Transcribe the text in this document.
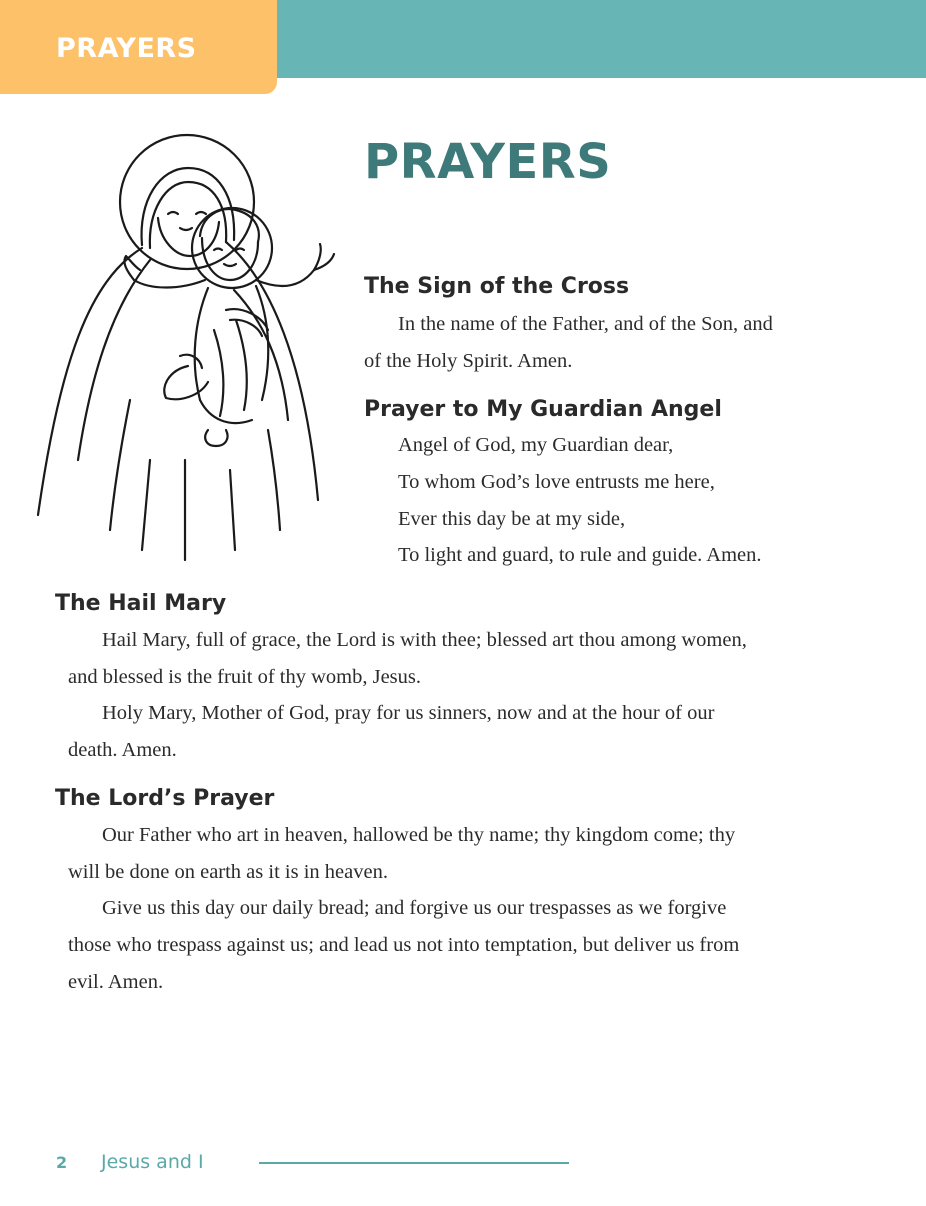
PRAYERS
PRAYERS
The Sign of the Cross

In the name of the Father, and of the Son, and

of the Holy Spirit. Amen.

Prayer to My Guardian Angel

Angel of God, my Guardian dear,

To whom God’s love entrusts me here,

Ever this day be at my side,

To light and guard, to rule and guide. Amen.

The Hail Mary

Hail Mary, full of grace, the Lord is with thee; blessed art thou among women,

and blessed is the fruit of thy womb, Jesus.

Holy Mary, Mother of God, pray for us sinners, now and at the hour of our

death. Amen.

The Lord’s Prayer

Our Father who art in heaven, hallowed be thy name; thy kingdom come; thy

will be done on earth as it is in heaven.

Give us this day our daily bread; and forgive us our trespasses as we forgive

those who trespass against us; and lead us not into temptation, but deliver us from

evil. Amen.

2 Jesus and I
